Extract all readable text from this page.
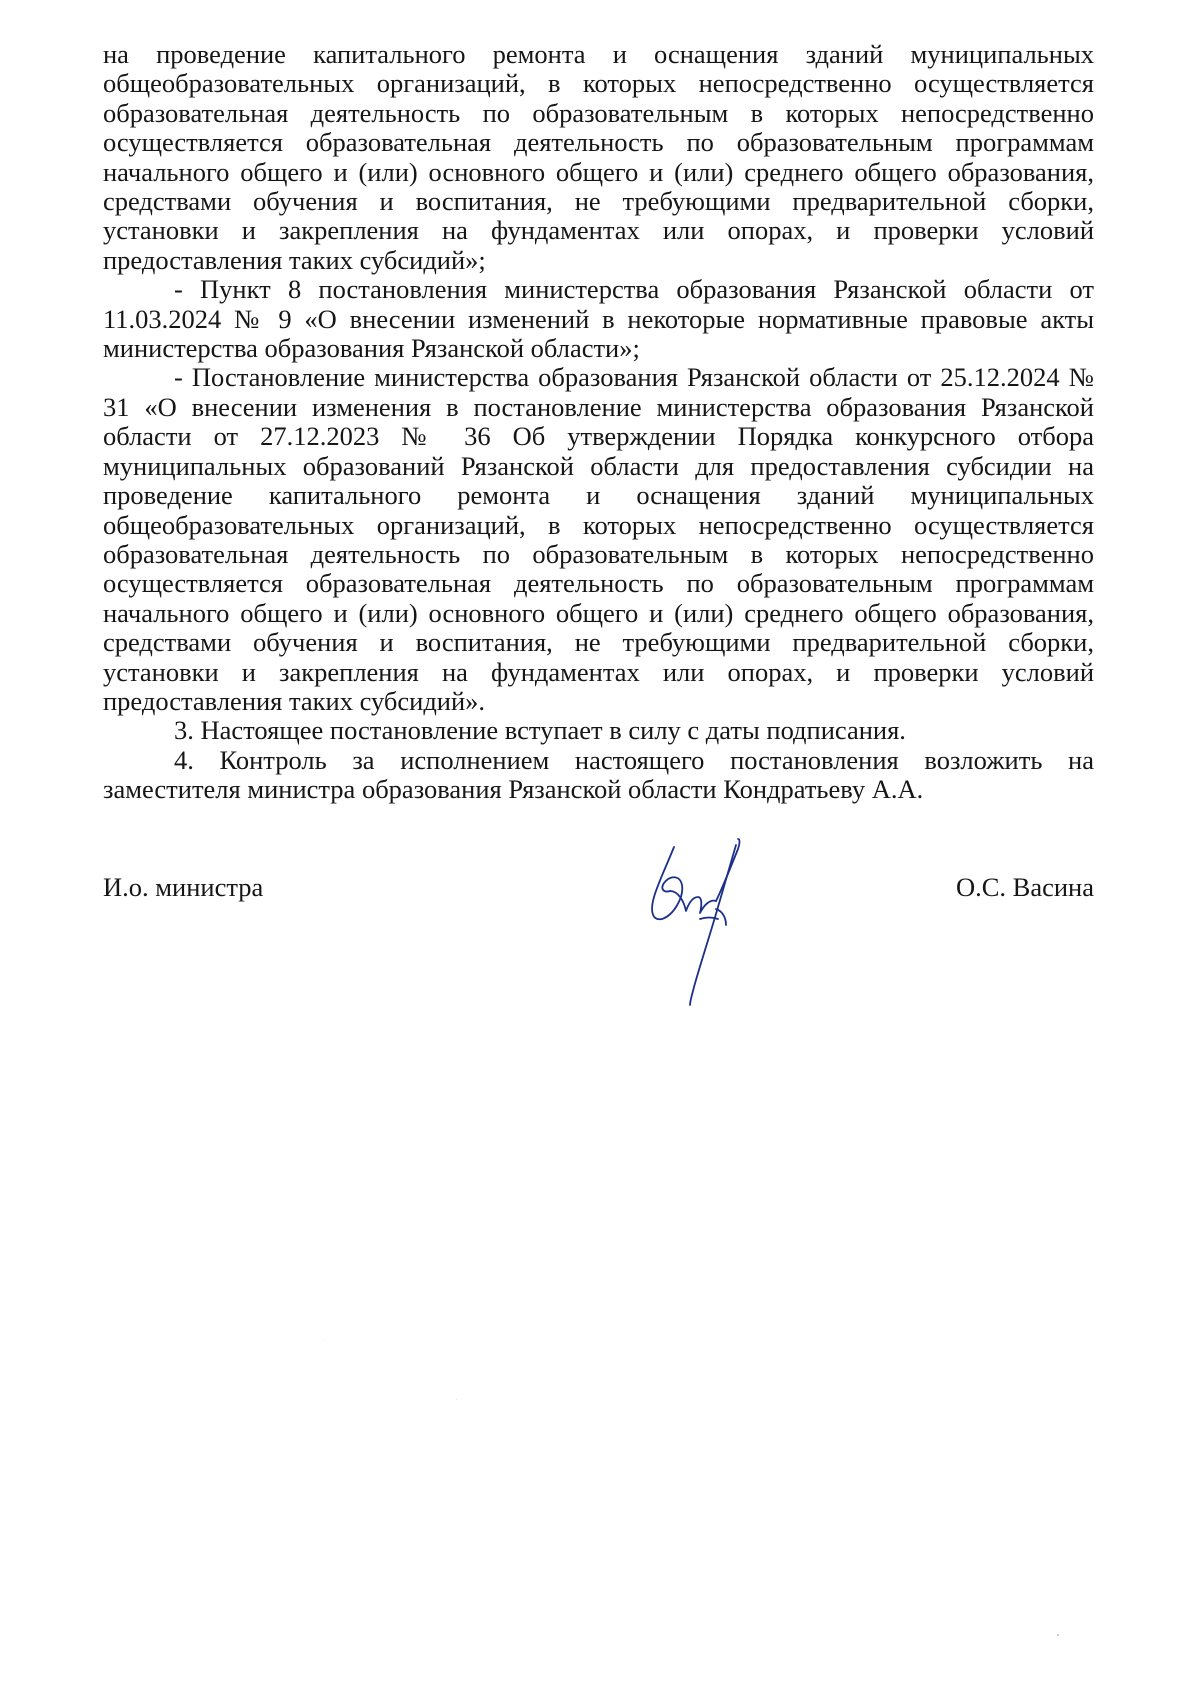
на проведение капитального ремонта и оснащения зданий муниципальных общеобразовательных организаций, в которых непосредственно осуществляется образовательная деятельность по образовательным в которых непосредственно осуществляется образовательная деятельность по образовательным программам начального общего и (или) основного общего и (или) среднего общего образования, средствами обучения и воспитания, не требующими предварительной сборки, установки и закрепления на фундаментах или опорах, и проверки условий предоставления таких субсидий»;

- Пункт 8 постановления министерства образования Рязанской области от 11.03.2024 № 9 «О внесении изменений в некоторые нормативные правовые акты министерства образования Рязанской области»;

- Постановление министерства образования Рязанской области от 25.12.2024 № 31 «О внесении изменения в постановление министерства образования Рязанской области от 27.12.2023 № 36 Об утверждении Порядка конкурсного отбора муниципальных образований Рязанской области для предоставления субсидии на проведение капитального ремонта и оснащения зданий муниципальных общеобразовательных организаций, в которых непосредственно осуществляется образовательная деятельность по образовательным в которых непосредственно осуществляется образовательная деятельность по образовательным программам начального общего и (или) основного общего и (или) среднего общего образования, средствами обучения и воспитания, не требующими предварительной сборки, установки и закрепления на фундаментах или опорах, и проверки условий предоставления таких субсидий».

3. Настоящее постановление вступает в силу с даты подписания.

4. Контроль за исполнением настоящего постановления возложить на заместителя министра образования Рязанской области Кондратьеву А.А.

И.о. министра	О.С. Васина
